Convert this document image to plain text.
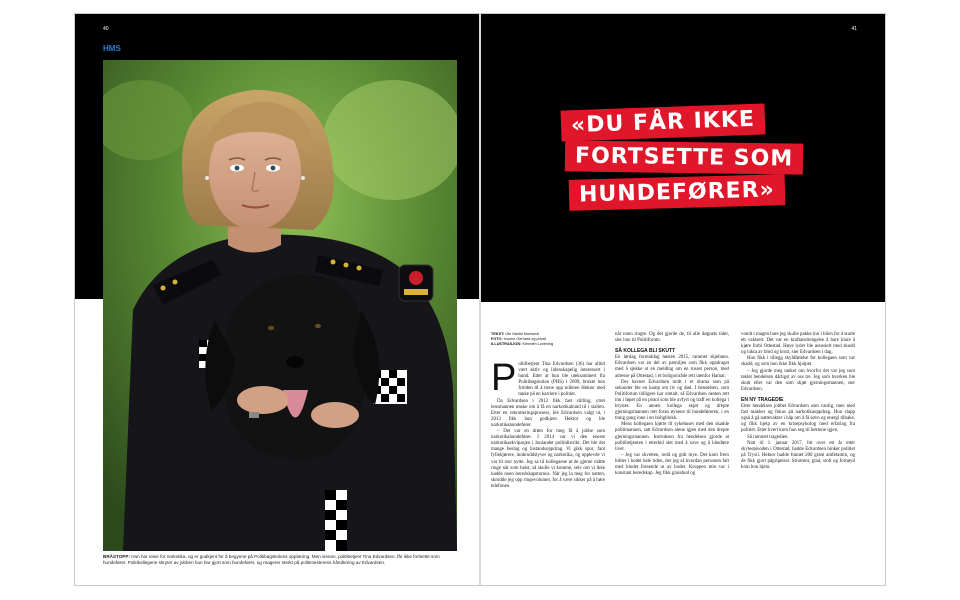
40
HMS
BRÅSTOPP: Hun har reise for narkotika, og er godkjent for å begynne på Politihøgskolens opplæring. Men vienen, politibetjent Tina Edvardsen, får ikke fortsette som hundefører. Politikollegene skryter av jobben hun har gjort som hundefører, og reagerer sterkt på politimesterens håndtering av Edvardsen.
41
«DU FÅR IKKE
FORTSETTE SOM
HUNDEFØRER»
TEKST: Ole Martin Mortvedt
FOTO: Ivonne Gerhard og privat
ILLUSTRASJON: Kenneth Lovening
P olitibetjent Tina Edvardsen (36) har alltid vært aktiv og lidenskapelig interessert i hund. Etter at hun ble uteksaminert fra Politihøgskolen (PHS) i 2009, brukte hun fritiden til å trene opp tolleren Hektor med tanke på en karriere i politiet.

Da Edvardsen i 2012 fikk fast stilling, ytret lensmannen ønske om å få en narkotikahund til i stallen. Etter en rekrutteringsprosess, ble Edvardsen valgt ut, i 2013 fikk hun godkjent Hektor og ble narkotikahundefører.

– Det var en drøm for meg få å jobbe som narkotikahundefører. I 2014 var vi den eneste narkotikaekvipasjen i Innlandet politidistrikt. Det ble det mange beslag og bistandsoppdrag. Vi gikk spor, fant fyllekjørere, innbruddstyver og narkotika, og opplevde vi var til stor nytte. Jeg sa til kollegaene at de gjerne måtte ringe når som helst, så skulle vi komme, selv om vi ikke hadde noen beredskapsturnus. Når jeg la meg for natten, skrudde jeg opp ringevolumet, for å være sikker på å høre telefonen

når noen ringte. Og det gjorde de, til alle døgnets tider, sier hun til Politiforum.

SÅ KOLLEGA BLI SKUTT

En lørdag formiddag høsten 2015, rammet skjebnen. Edvardsen var en del av patruljen som fikk oppdraget med å sjekke ut en melding om en russet person, med adresse på Ottestad, i et boligområde rett utenfor Hamar.

Der havnet Edvardsen midt i et drama som på sekunder ble en kamp om liv og død. I hendelsen, som Politiforum tidligere har omtalt, så Edvardsen nesten rett inn i løpet på en pistol som ble avfyrt og traff en kollega i brystet. En annen kollega skjøt og drepte gjerningsmannen rett foran øynene til hundeføreren, i en trang gang inne i en boligblokk.

Mens kollegaen kjørte til sykehuset med den skadde politimannen, satt Edvardsen alene igjen med den drepte gjerningsmannen. Instruksen fra hendelsen gjorde at politibetjenten i etterkid slet med å sove og å håndtere livet.

– Jeg var skvetten, redd og gråt mye. Det kom frem bilder i hodet hele tiden, der jeg så hvordan personen falt med blodet fossende ut av hodet. Kroppen min var i konstant beredskap. Jeg fikk glasshud og

vondt i magen bare jeg skulle pakke inn i bilen for å starte ett vaktsett. Det var en kraftanstrengelse å bare klare å kjøre forbi Ottestad. Høye lyder ble assosiert med skudd og lukta av blod og krutt, sier Edvardsen i dag.

Hun fikk i tillegg skyldfølelse for kollegaen som var skadd, og som hun ikke fikk hjulpet.

– Jeg gjorde meg tanker om hvorfor det var jeg som taklet hendelsen dårligst av oss tre. Jeg som hverken ble skutt eller var den som skjøt gjerningsmannen, sier Edvardsen.

EN NY TRAGEDIE

Etter hendelsen jobbet Edvardsen som vanlig, men med fast makker og fokus på narkotikaoppdrag. Hun slapp også å gå nattevakter i håp om å få søvn og energi tilbake, og fikk hjelp av en krisepsykolog med erfaring fra politiet. Etter hvert kom hun seg til hektene igjen.

Så rammet tragedien.

Natt til 1. januar 2017, litt over ett år etter skyteepisoden i Ottestad, hadde Edvardsen hinket politiet på Trysil. Hektor hadde funnet 200 gram amfetamin, og de fikk gjort pågripelser. Strutrent, glad, stolt og fornøyd kom hun hjem.
